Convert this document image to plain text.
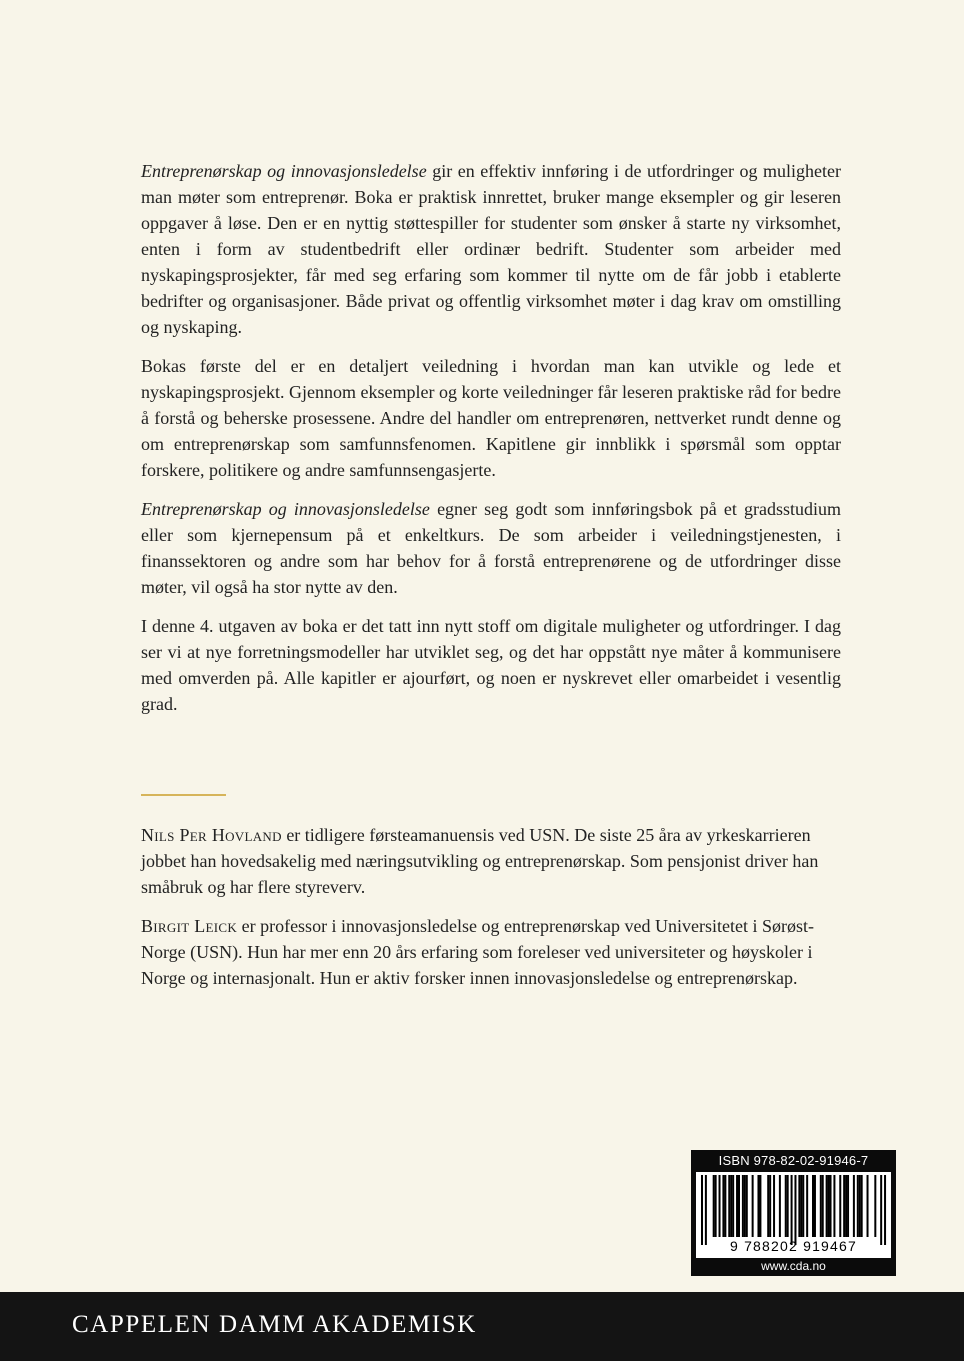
Entreprenørskap og innovasjonsledelse gir en effektiv innføring i de utfordringer og muligheter man møter som entreprenør. Boka er praktisk innrettet, bruker mange eksempler og gir leseren oppgaver å løse. Den er en nyttig støttespiller for studenter som ønsker å starte ny virksomhet, enten i form av studentbedrift eller ordinær bedrift. Studenter som arbeider med nyskapingsprosjekter, får med seg erfaring som kommer til nytte om de får jobb i etablerte bedrifter og organisasjoner. Både privat og offentlig virksomhet møter i dag krav om omstilling og nyskaping.

Bokas første del er en detaljert veiledning i hvordan man kan utvikle og lede et nyskapingsprosjekt. Gjennom eksempler og korte veiledninger får leseren praktiske råd for bedre å forstå og beherske prosessene. Andre del handler om entreprenøren, nettverket rundt denne og om entreprenørskap som samfunnsfenomen. Kapitlene gir innblikk i spørsmål som opptar forskere, politikere og andre samfunnsengasjerte.

Entreprenørskap og innovasjonsledelse egner seg godt som innføringsbok på et gradsstudium eller som kjernepensum på et enkeltkurs. De som arbeider i veiledningstjenesten, i finanssektoren og andre som har behov for å forstå entreprenørene og de utfordringer disse møter, vil også ha stor nytte av den.

I denne 4. utgaven av boka er det tatt inn nytt stoff om digitale muligheter og utfordringer. I dag ser vi at nye forretningsmodeller har utviklet seg, og det har oppstått nye måter å kommunisere med omverden på. Alle kapitler er ajourført, og noen er nyskrevet eller omarbeidet i vesentlig grad.

Nils Per Hovland er tidligere førsteamanuensis ved USN. De siste 25 åra av yrkeskarrieren jobbet han hovedsakelig med næringsutvikling og entreprenørskap. Som pensjonist driver han småbruk og har flere styreverv.

Birgit Leick er professor i innovasjonsledelse og entreprenørskap ved Universitetet i Sørøst-Norge (USN). Hun har mer enn 20 års erfaring som foreleser ved universiteter og høyskoler i Norge og internasjonalt. Hun er aktiv forsker innen innovasjonsledelse og entreprenørskap.

ISBN 978-82-02-91946-7
9 788202 919467
www.cda.no
CAPPELEN DAMM AKADEMISK
